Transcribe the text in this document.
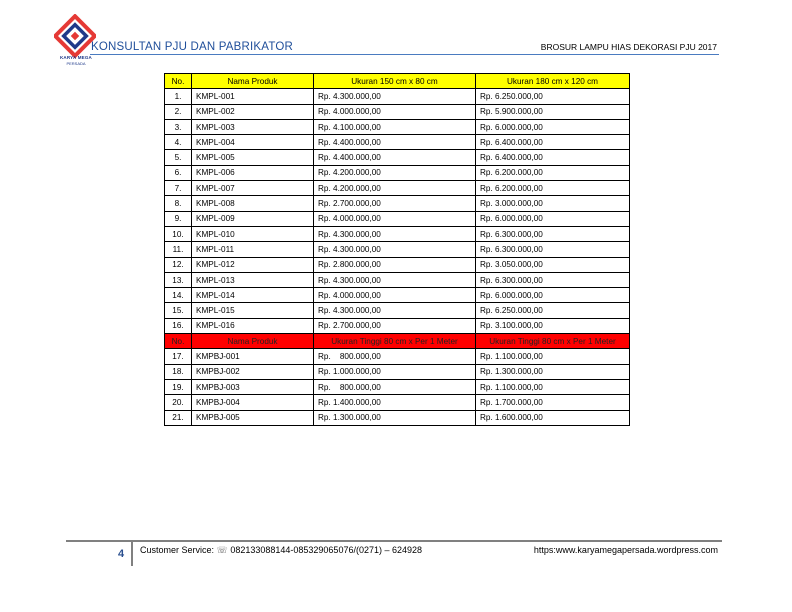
KARYA MEGA
PERSADA
KONSULTAN PJU DAN PABRIKATOR	BROSUR LAMPU HIAS DEKORASI PJU 2017
No.	Nama Produk	Ukuran 150 cm x 80 cm	Ukuran 180 cm x 120 cm
1.	KMPL-001	Rp. 4.300.000,00	Rp. 6.250.000,00
2.	KMPL-002	Rp. 4.000.000,00	Rp. 5.900.000,00
3.	KMPL-003	Rp. 4.100.000,00	Rp. 6.000.000,00
4.	KMPL-004	Rp. 4.400.000,00	Rp. 6.400.000,00
5.	KMPL-005	Rp. 4.400.000,00	Rp. 6.400.000,00
6.	KMPL-006	Rp. 4.200.000,00	Rp. 6.200.000,00
7.	KMPL-007	Rp. 4.200.000,00	Rp. 6.200.000,00
8.	KMPL-008	Rp. 2.700.000,00	Rp. 3.000.000,00
9.	KMPL-009	Rp. 4.000.000,00	Rp. 6.000.000,00
10.	KMPL-010	Rp. 4.300.000,00	Rp. 6.300.000,00
11.	KMPL-011	Rp. 4.300.000,00	Rp. 6.300.000,00
12.	KMPL-012	Rp. 2.800.000,00	Rp. 3.050.000,00
13.	KMPL-013	Rp. 4.300.000,00	Rp. 6.300.000,00
14.	KMPL-014	Rp. 4.000.000,00	Rp. 6.000.000,00
15.	KMPL-015	Rp. 4.300.000,00	Rp. 6.250.000,00
16.	KMPL-016	Rp. 2.700.000,00	Rp. 3.100.000,00
No.	Nama Produk	Ukuran Tinggi 80 cm x Per 1 Meter	Ukuran Tinggi 80 cm x Per 1 Meter
17.	KMPBJ-001	Rp.    800.000,00	Rp. 1.100.000,00
18.	KMPBJ-002	Rp. 1.000.000,00	Rp. 1.300.000,00
19.	KMPBJ-003	Rp.    800.000,00	Rp. 1.100.000,00
20.	KMPBJ-004	Rp. 1.400.000,00	Rp. 1.700.000,00
21.	KMPBJ-005	Rp. 1.300.000,00	Rp. 1.600.000,00
4 Customer Service: ☏ 082133088144-085329065076/(0271) – 624928	https:www.karyamegapersada.wordpress.com
